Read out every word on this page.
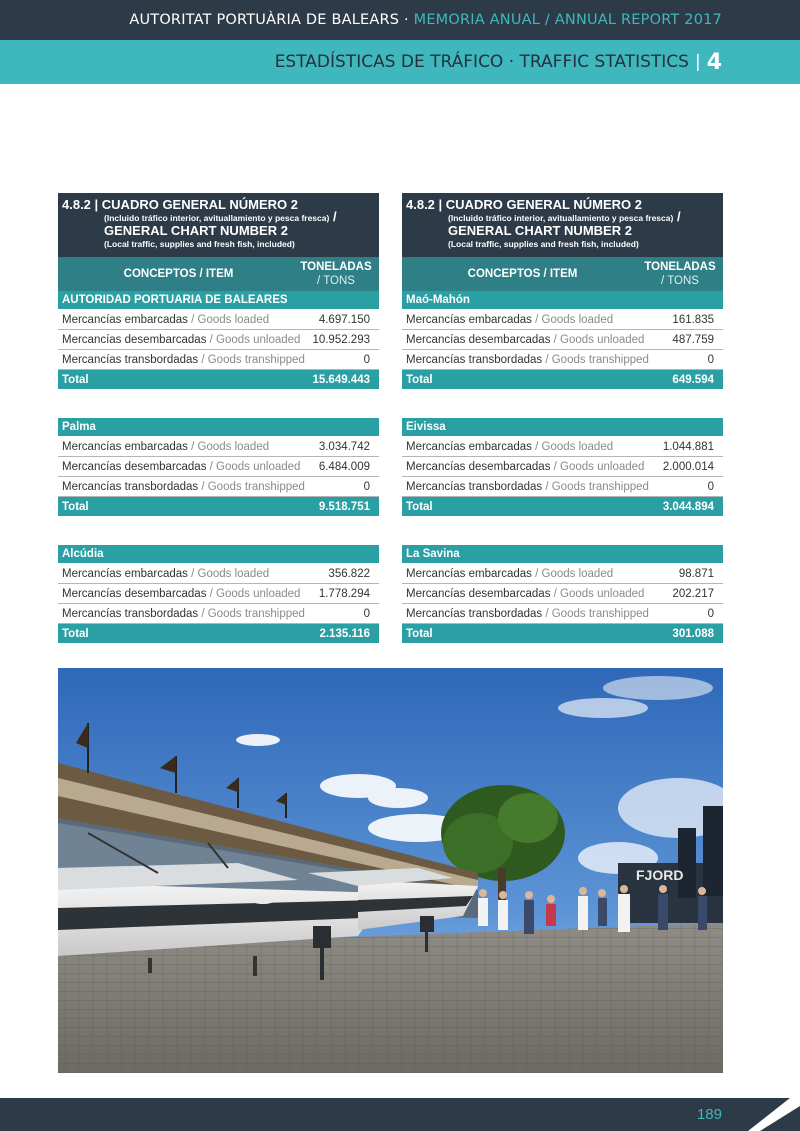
AUTORITAT PORTUÀRIA DE BALEARS · MEMORIA ANUAL / ANNUAL REPORT 2017
ESTADÍSTICAS DE TRÁFICO · TRAFFIC STATISTICS | 4
4.8.2 | CUADRO GENERAL NÚMERO 2
(Incluido tráfico interior, avituallamiento y pesca fresca) /
GENERAL CHART NUMBER 2
(Local traffic, supplies and fresh fish, included)
CONCEPTOS / ITEM
TONELADAS
/ TONS
AUTORIDAD PORTUARIA DE BALEARES
Mercancías embarcadas / Goods loaded	4.697.150
Mercancías desembarcadas / Goods unloaded	10.952.293
Mercancías transbordadas / Goods transhipped	0
Total	15.649.443
Palma
Mercancías embarcadas / Goods loaded	3.034.742
Mercancías desembarcadas / Goods unloaded	6.484.009
Mercancías transbordadas / Goods transhipped	0
Total	9.518.751
Alcúdia
Mercancías embarcadas / Goods loaded	356.822
Mercancías desembarcadas / Goods unloaded	1.778.294
Mercancías transbordadas / Goods transhipped	0
Total	2.135.116
4.8.2 | CUADRO GENERAL NÚMERO 2
(Incluido tráfico interior, avituallamiento y pesca fresca) /
GENERAL CHART NUMBER 2
(Local traffic, supplies and fresh fish, included)
CONCEPTOS / ITEM
TONELADAS
/ TONS
Maó-Mahón
Mercancías embarcadas / Goods loaded	161.835
Mercancías desembarcadas / Goods unloaded	487.759
Mercancías transbordadas / Goods transhipped	0
Total	649.594
Eivissa
Mercancías embarcadas / Goods loaded	1.044.881
Mercancías desembarcadas / Goods unloaded	2.000.014
Mercancías transbordadas / Goods transhipped	0
Total	3.044.894
La Savina
Mercancías embarcadas / Goods loaded	98.871
Mercancías desembarcadas / Goods unloaded	202.217
Mercancías transbordadas / Goods transhipped	0
Total	301.088
FJORD
189
